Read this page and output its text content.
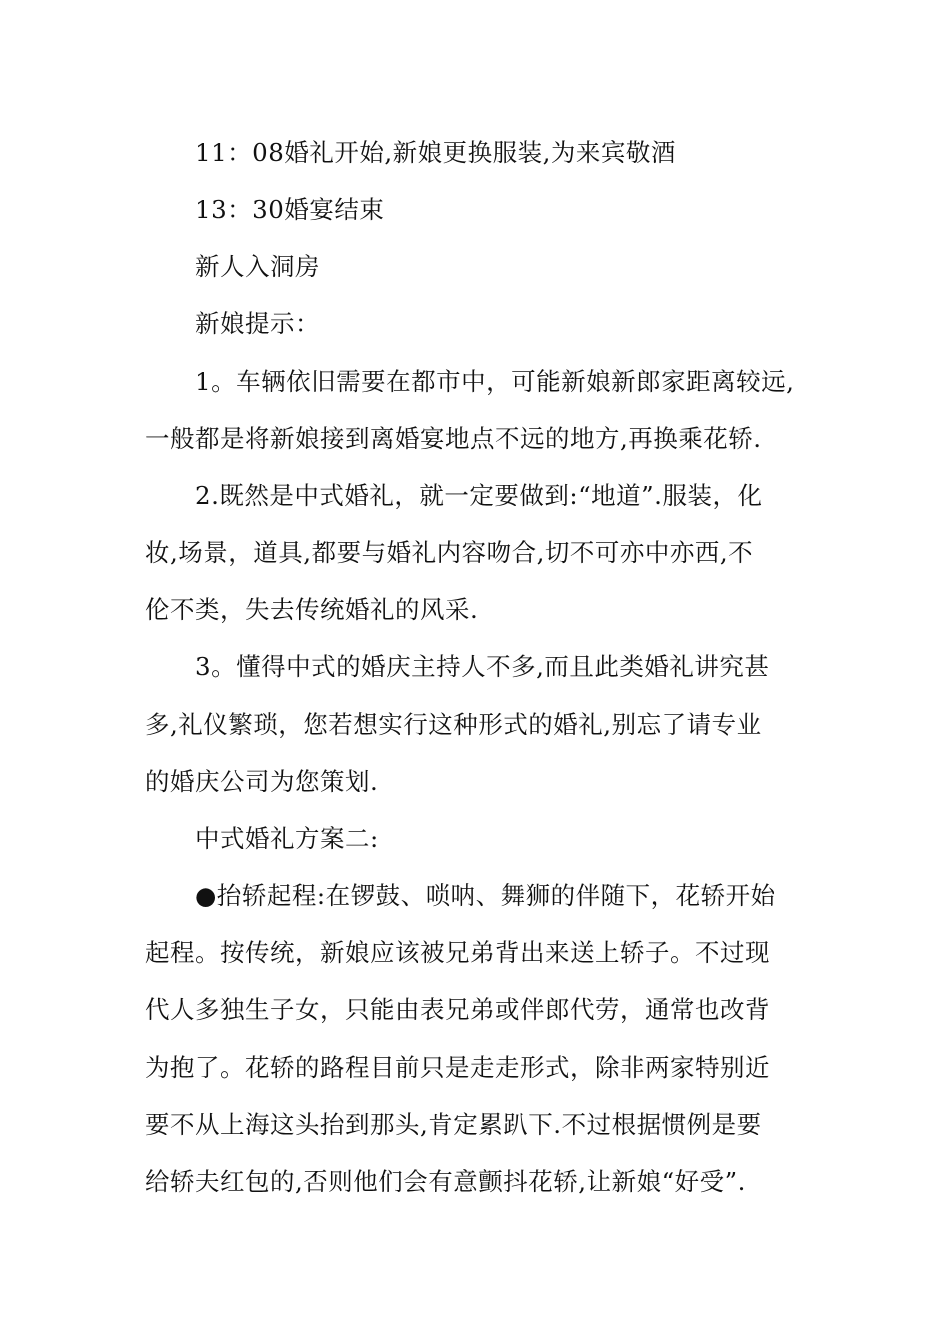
11：08婚礼开始,新娘更换服装,为来宾敬酒
13：30婚宴结束
新人入洞房
新娘提示：
1。车辆依旧需要在都市中，可能新娘新郎家距离较远,
一般都是将新娘接到离婚宴地点不远的地方,再换乘花轿.
2.既然是中式婚礼，就一定要做到:“地道”.服装，化
妆,场景，道具,都要与婚礼内容吻合,切不可亦中亦西,不
伦不类，失去传统婚礼的风采.
3。懂得中式的婚庆主持人不多,而且此类婚礼讲究甚
多,礼仪繁琐，您若想实行这种形式的婚礼,别忘了请专业
的婚庆公司为您策划.
中式婚礼方案二:
●抬轿起程:在锣鼓、唢呐、舞狮的伴随下，花轿开始
起程。按传统，新娘应该被兄弟背出来送上轿子。不过现
代人多独生子女，只能由表兄弟或伴郎代劳，通常也改背
为抱了。花轿的路程目前只是走走形式，除非两家特别近
要不从上海这头抬到那头,肯定累趴下.不过根据惯例是要
给轿夫红包的,否则他们会有意颤抖花轿,让新娘“好受”.
